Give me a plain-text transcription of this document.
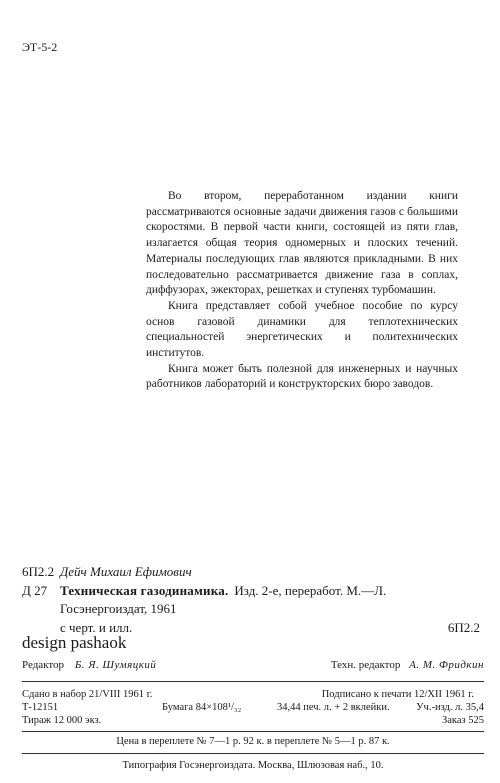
ЭТ-5-2

Во втором, переработанном издании книги рассматриваются основные задачи движения газов с большими скоростями. В первой части книги, состоящей из пяти глав, излагается общая теория одномерных и плоских течений. Материалы последующих глав являются прикладными. В них последовательно рассматривается движение газа в соплах, диффузорах, эжекторах, решетках и ступенях турбомашин.

Книга представляет собой учебное пособие по курсу основ газовой динамики для теплотехнических специальностей энергетических и политехнических институтов.

Книга может быть полезной для инженерных и научных работников лабораторий и конструкторских бюро заводов.

6П2.2 Дейч Михаил Ефимович
Д 27 Техническая газодинамика. Изд. 2-е, переработ. М.—Л.
Госэнергоиздат, 1961
с черт. и илл.	6П2.2
design pashaok
Редактор Б. Я. Шумяцкий	Техн. редактор А. М. Фридкин
Сдано в набор 21/VIII 1961 г.	Подписано к печати 12/XII 1961 г.
Т-12151	Бумага 84×108¹/₃₂	34,44 печ. л. + 2 вклейки.	Уч.-изд. л. 35,4
Тираж 12 000 экз.	Заказ 525
Цена в переплете № 7—1 р. 92 к. в переплете № 5—1 р. 87 к.
Типография Госэнергоиздата. Москва, Шлюзовая наб., 10.
